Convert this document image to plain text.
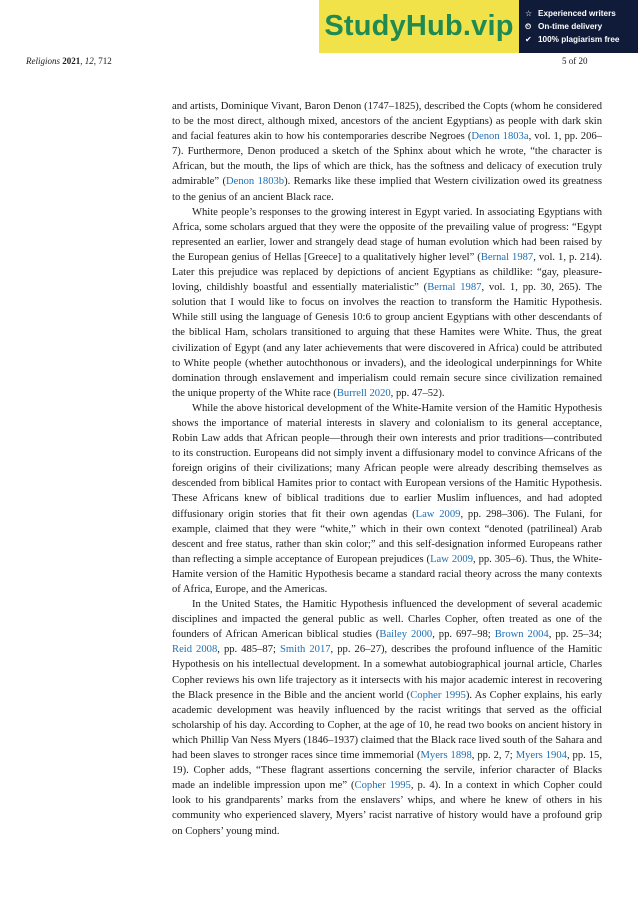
StudyHub.vip	☆ Experienced writers
⏲ On-time delivery
✔ 100% plagiarism free
Religions 2021, 12, 712	5 of 20

and artists, Dominique Vivant, Baron Denon (1747–1825), described the Copts (whom he considered to be the most direct, although mixed, ancestors of the ancient Egyptians) as people with dark skin and facial features akin to how his contemporaries describe Negroes (Denon 1803a, vol. 1, pp. 206–7). Furthermore, Denon produced a sketch of the Sphinx about which he wrote, “the character is African, but the mouth, the lips of which are thick, has the softness and delicacy of execution truly admirable” (Denon 1803b). Remarks like these implied that Western civilization owed its greatness to the genius of an ancient Black race.

White people’s responses to the growing interest in Egypt varied. In associating Egyptians with Africa, some scholars argued that they were the opposite of the prevailing value of progress: “Egypt represented an earlier, lower and strangely dead stage of human evolution which had been raised by the European genius of Hellas [Greece] to a qualitatively higher level” (Bernal 1987, vol. 1, p. 214). Later this prejudice was replaced by depictions of ancient Egyptians as childlike: “gay, pleasure-loving, childishly boastful and essentially materialistic” (Bernal 1987, vol. 1, pp. 30, 265). The solution that I would like to focus on involves the reaction to transform the Hamitic Hypothesis. While still using the language of Genesis 10:6 to group ancient Egyptians with other descendants of the biblical Ham, scholars transitioned to arguing that these Hamites were White. Thus, the great civilization of Egypt (and any later achievements that were discovered in Africa) could be attributed to White people (whether autochthonous or invaders), and the ideological underpinnings for White domination through enslavement and imperialism could remain secure since civilization remained the unique property of the White race (Burrell 2020, pp. 47–52).

While the above historical development of the White-Hamite version of the Hamitic Hypothesis shows the importance of material interests in slavery and colonialism to its general acceptance, Robin Law adds that African people—through their own interests and prior traditions—contributed to its construction. Europeans did not simply invent a diffusionary model to convince Africans of the foreign origins of their civilizations; many African people were already describing themselves as descended from biblical Hamites prior to contact with European versions of the Hamitic Hypothesis. These Africans knew of biblical traditions due to earlier Muslim influences, and had adopted diffusionary origin stories that fit their own agendas (Law 2009, pp. 298–306). The Fulani, for example, claimed that they were “white,” which in their own context “denoted (patrilineal) Arab descent and free status, rather than skin color;” and this self-designation informed Europeans rather than reflecting a simple acceptance of European prejudices (Law 2009, pp. 305–6). Thus, the White-Hamite version of the Hamitic Hypothesis became a standard racial theory across the many contexts of Africa, Europe, and the Americas.

In the United States, the Hamitic Hypothesis influenced the development of several academic disciplines and impacted the general public as well. Charles Copher, often treated as one of the founders of African American biblical studies (Bailey 2000, pp. 697–98; Brown 2004, pp. 25–34; Reid 2008, pp. 485–87; Smith 2017, pp. 26–27), describes the profound influence of the Hamitic Hypothesis on his intellectual development. In a somewhat autobiographical journal article, Charles Copher reviews his own life trajectory as it intersects with his major academic interest in recovering the Black presence in the Bible and the ancient world (Copher 1995). As Copher explains, his early academic development was heavily influenced by the racist writings that served as the official scholarship of his day. According to Copher, at the age of 10, he read two books on ancient history in which Phillip Van Ness Myers (1846–1937) claimed that the Black race lived south of the Sahara and had been slaves to stronger races since time immemorial (Myers 1898, pp. 2, 7; Myers 1904, pp. 15, 19). Copher adds, “These flagrant assertions concerning the servile, inferior character of Blacks made an indelible impression upon me” (Copher 1995, p. 4). In a context in which Copher could look to his grandparents’ marks from the enslavers’ whips, and where he knew of others in his community who experienced slavery, Myers’ racist narrative of history would have a profound grip on Cophers’ young mind.
